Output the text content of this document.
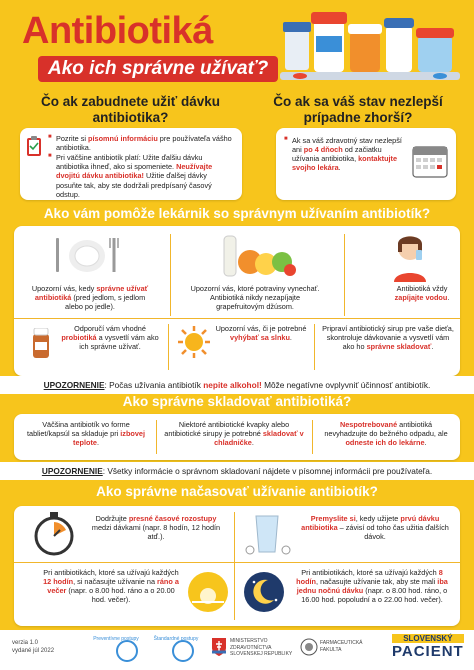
Antibiotiká
Ako ich správne užívať?
Čo ak zabudnete užiť dávku antibiotika?
Čo ak sa váš stav nezlepší prípadne zhorší?
■ Pozrite si písomnú informáciu pre používateľa vášho antibiotika.
■ Pri väčšine antibiotík platí: Užite ďalšiu dávku antibiotika ihneď, ako si spomeniete. Neužívajte dvojitú dávku antibiotika! Užitie ďalšej dávky posuňte tak, aby ste dodržali predpísaný časový odstup.
■ Ak sa váš zdravotný stav nezlepší ani po 4 dňoch od začiatku užívania antibiotika, kontaktujte svojho lekára.
Ako vám pomôže lekárnik so správnym užívaním antibiotík?
Upozorní vás, kedy správne užívať antibiotiká (pred jedlom, s jedlom alebo po jedle).
Upozorní vás, ktoré potraviny vynechať. Antibiotiká nikdy nezapíjajte grapefruitovým džúsom.
Antibiotiká vždy zapíjajte vodou.
Odporučí vám vhodné probiotiká a vysvetlí vám ako ich správne užívať.
Upozorní vás, či je potrebné vyhýbať sa slnku.
Pripraví antibiotický sirup pre vaše dieťa, skontroluje dávkovanie a vysvetlí vám ako ho správne skladovať.
UPOZORNENIE: Počas užívania antibiotík nepite alkohol! Môže negatívne ovplyvniť účinnosť antibiotík.
Ako správne skladovať antibiotiká?
Väčšina antibiotík vo forme tabliet/kapsúl sa skladuje pri izbovej teplote.
Niektoré antibiotické kvapky alebo antibiotické sirupy je potrebné skladovať v chladničke.
Nespotrebované antibiotiká nevyhadzujte do bežného odpadu, ale odneste ich do lekárne.
UPOZORNENIE: Všetky informácie o správnom skladovaní nájdete v písomnej informácii pre používateľa.
Ako správne načasovať užívanie antibiotík?
Dodržujte presné časové rozostupy medzi dávkami (napr. 8 hodín, 12 hodín atď.).
Premyslite si, kedy užijete prvú dávku antibiotika – závisí od toho čas užitia ďalších dávok.
Pri antibiotikách, ktoré sa užívajú každých 12 hodín, si načasujte užívanie na ráno a večer (napr. o 8.00 hod. ráno a o 20.00 hod. večer).
Pri antibiotikách, ktoré sa užívajú každých 8 hodín, načasujte užívanie tak, aby ste mali iba jednu nočnú dávku (napr. o 8.00 hod. ráno, o 16.00 hod. popoludní a o 22.00 hod. večer).
verzia 1.0
vydané júl 2022
Preventívne postupy	Štandardné postupy	MINISTERSTVO ZDRAVOTNÍCTVA SLOVENSKEJ REPUBLIKY
FARMACEUTICKÁ FAKULTA
SLOVENSKÝ
PACIENT
